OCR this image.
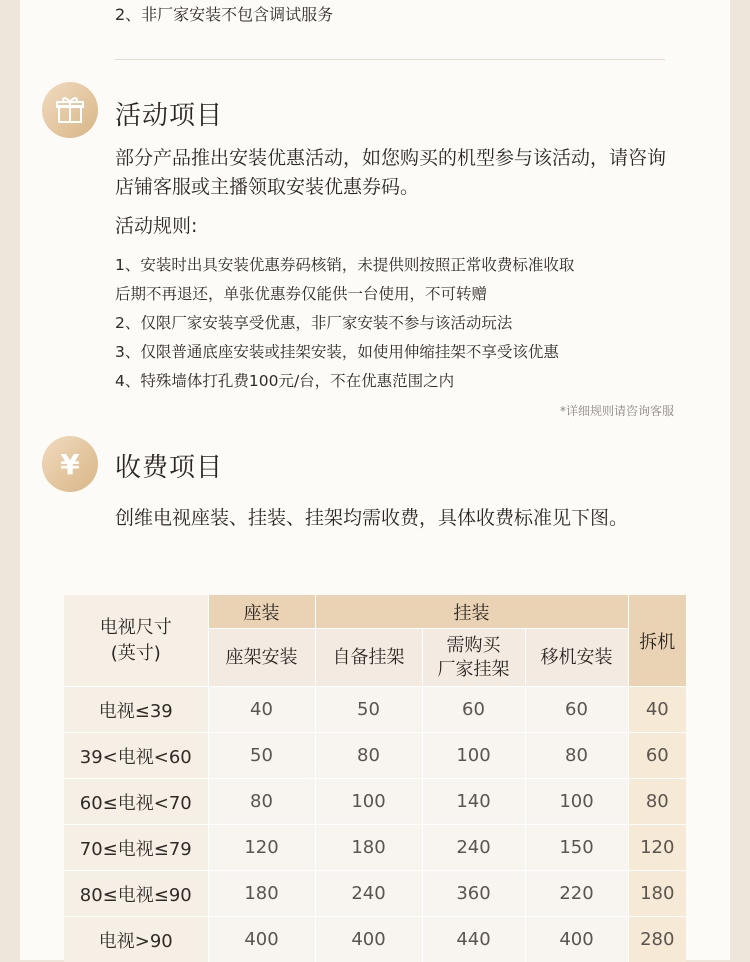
2、非厂家安装不包含调试服务
活动项目
部分产品推出安装优惠活动，如您购买的机型参与该活动，请咨询店铺客服或主播领取安装优惠券码。
活动规则:
1、安装时出具安装优惠券码核销，未提供则按照正常收费标准收取
后期不再退还，单张优惠券仅能供一台使用，不可转赠
2、仅限厂家安装享受优惠，非厂家安装不参与该活动玩法
3、仅限普通底座安装或挂架安装，如使用伸缩挂架不享受该优惠
4、特殊墙体打孔费100元/台，不在优惠范围之内
*详细规则请咨询客服
¥ 收费项目
创维电视座装、挂装、挂架均需收费，具体收费标准见下图。
电视尺寸
(英寸)	座装	挂装			拆机
	座架安装	自备挂架	需购买
厂家挂架	移机安装	
电视≤39	40	50	60	60	40
39<电视<60	50	80	100	80	60
60≤电视<70	80	100	140	100	80
70≤电视≤79	120	180	240	150	120
80≤电视≤90	180	240	360	220	180
电视>90	400	400	440	400	280
